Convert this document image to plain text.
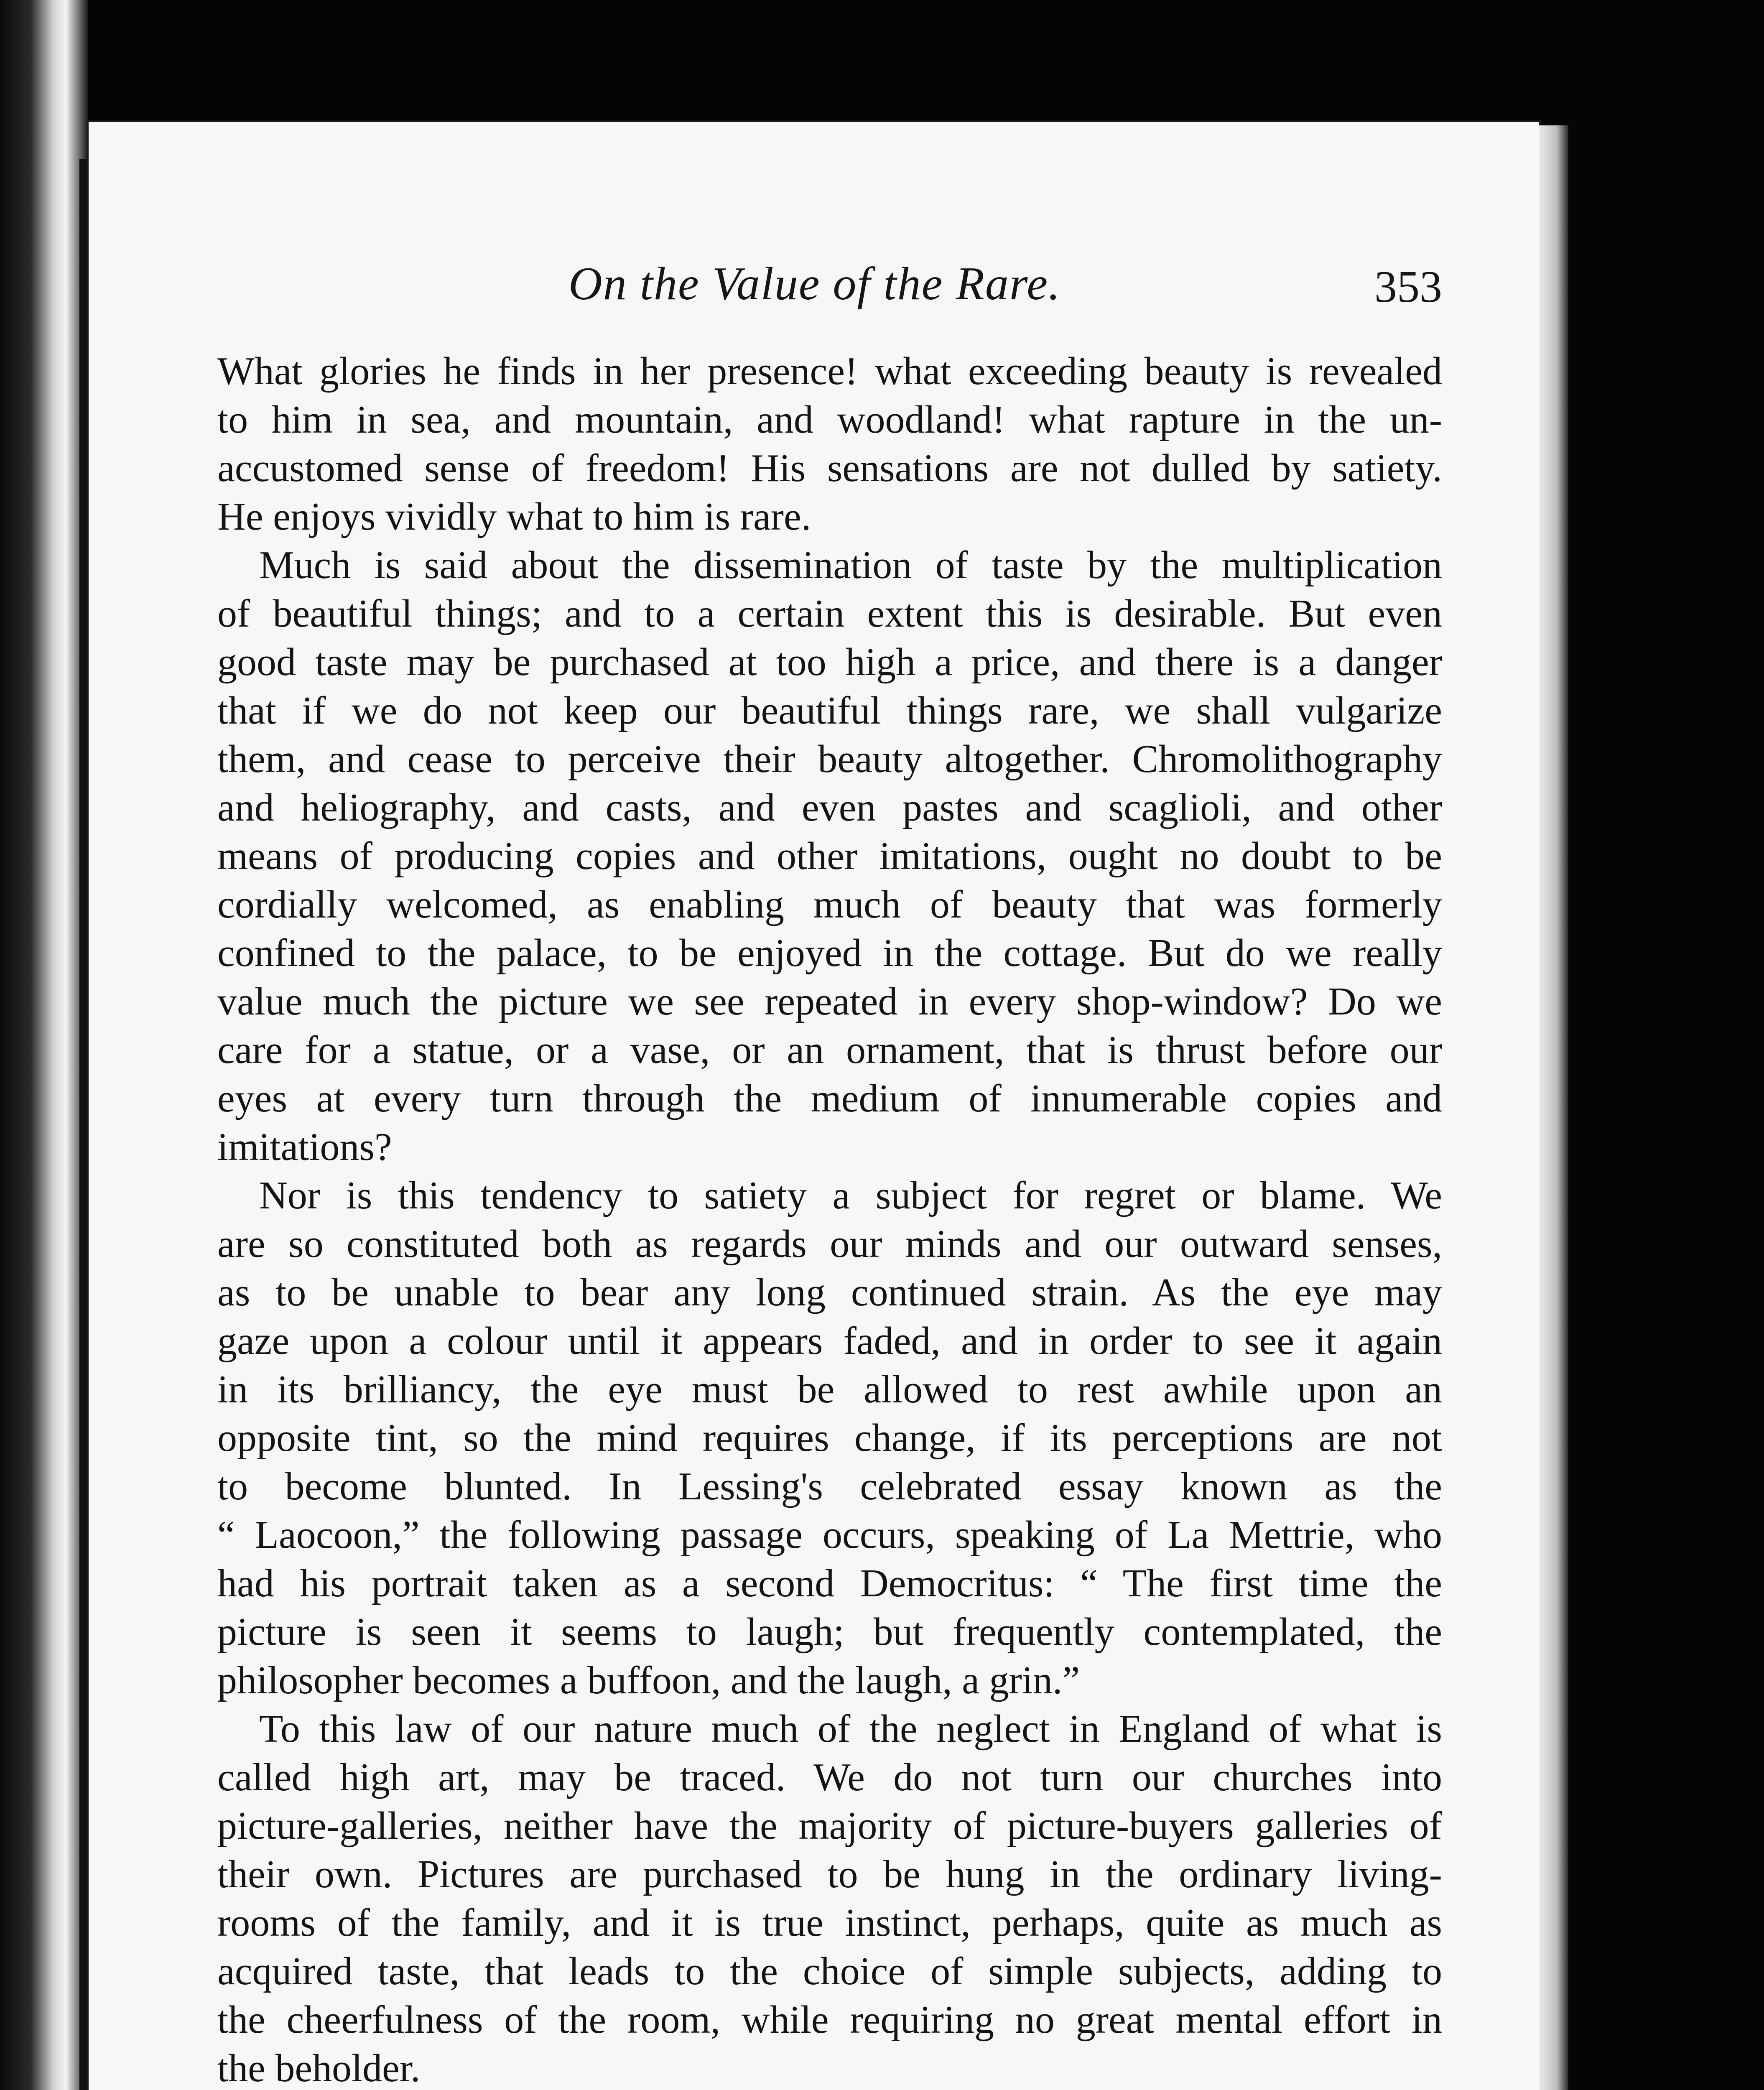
On the Value of the Rare.	353
What glories he finds in her presence! what exceeding beauty is revealed
to him in sea, and mountain, and woodland! what rapture in the un-
accustomed sense of freedom! His sensations are not dulled by satiety.
He enjoys vividly what to him is rare.
Much is said about the dissemination of taste by the multiplication
of beautiful things; and to a certain extent this is desirable. But even
good taste may be purchased at too high a price, and there is a danger
that if we do not keep our beautiful things rare, we shall vulgarize
them, and cease to perceive their beauty altogether. Chromolithography
and heliography, and casts, and even pastes and scaglioli, and other
means of producing copies and other imitations, ought no doubt to be
cordially welcomed, as enabling much of beauty that was formerly
confined to the palace, to be enjoyed in the cottage. But do we really
value much the picture we see repeated in every shop-window? Do we
care for a statue, or a vase, or an ornament, that is thrust before our
eyes at every turn through the medium of innumerable copies and
imitations?
Nor is this tendency to satiety a subject for regret or blame. We
are so constituted both as regards our minds and our outward senses,
as to be unable to bear any long continued strain. As the eye may
gaze upon a colour until it appears faded, and in order to see it again
in its brilliancy, the eye must be allowed to rest awhile upon an
opposite tint, so the mind requires change, if its perceptions are not
to become blunted. In Lessing's celebrated essay known as the
“ Laocoon,” the following passage occurs, speaking of La Mettrie, who
had his portrait taken as a second Democritus: “ The first time the
picture is seen it seems to laugh; but frequently contemplated, the
philosopher becomes a buffoon, and the laugh, a grin.”
To this law of our nature much of the neglect in England of what is
called high art, may be traced. We do not turn our churches into
picture-galleries, neither have the majority of picture-buyers galleries of
their own. Pictures are purchased to be hung in the ordinary living-
rooms of the family, and it is true instinct, perhaps, quite as much as
acquired taste, that leads to the choice of simple subjects, adding to
the cheerfulness of the room, while requiring no great mental effort in
the beholder.
